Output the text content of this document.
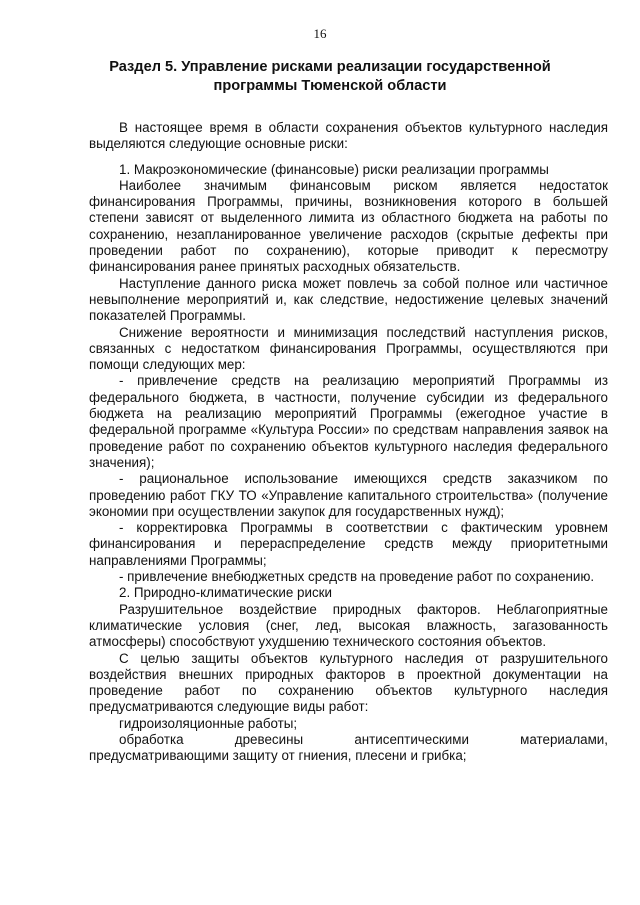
16
Раздел 5. Управление рисками реализации государственной программы Тюменской области

В настоящее время в области сохранения объектов культурного наследия выделяются следующие основные риски:

1. Макроэкономические (финансовые) риски реализации программы

Наиболее значимым финансовым риском является недостаток финансирования Программы, причины, возникновения которого в большей степени зависят от выделенного лимита из областного бюджета на работы по сохранению, незапланированное увеличение расходов (скрытые дефекты при проведении работ по сохранению), которые приводит к пересмотру финансирования ранее принятых расходных обязательств.

Наступление данного риска может повлечь за собой полное или частичное невыполнение мероприятий и, как следствие, недостижение целевых значений показателей Программы.

Снижение вероятности и минимизация последствий наступления рисков, связанных с недостатком финансирования Программы, осуществляются при помощи следующих мер:

- привлечение средств на реализацию мероприятий Программы из федерального бюджета, в частности, получение субсидии из федерального бюджета на реализацию мероприятий Программы (ежегодное участие в федеральной программе «Культура России» по средствам направления заявок на проведение работ по сохранению объектов культурного наследия федерального значения);

- рациональное использование имеющихся средств заказчиком по проведению работ ГКУ ТО «Управление капитального строительства» (получение экономии при осуществлении закупок для государственных нужд);

- корректировка Программы в соответствии с фактическим уровнем финансирования и перераспределение средств между приоритетными направлениями Программы;

- привлечение внебюджетных средств на проведение работ по сохранению.

2. Природно-климатические риски

Разрушительное воздействие природных факторов. Неблагоприятные климатические условия (снег, лед, высокая влажность, загазованность атмосферы) способствуют ухудшению технического состояния объектов.

С целью защиты объектов культурного наследия от разрушительного воздействия внешних природных факторов в проектной документации на проведение работ по сохранению объектов культурного наследия предусматриваются следующие виды работ:

гидроизоляционные работы;

обработка древесины антисептическими материалами, предусматривающими защиту от гниения, плесени и грибка;
